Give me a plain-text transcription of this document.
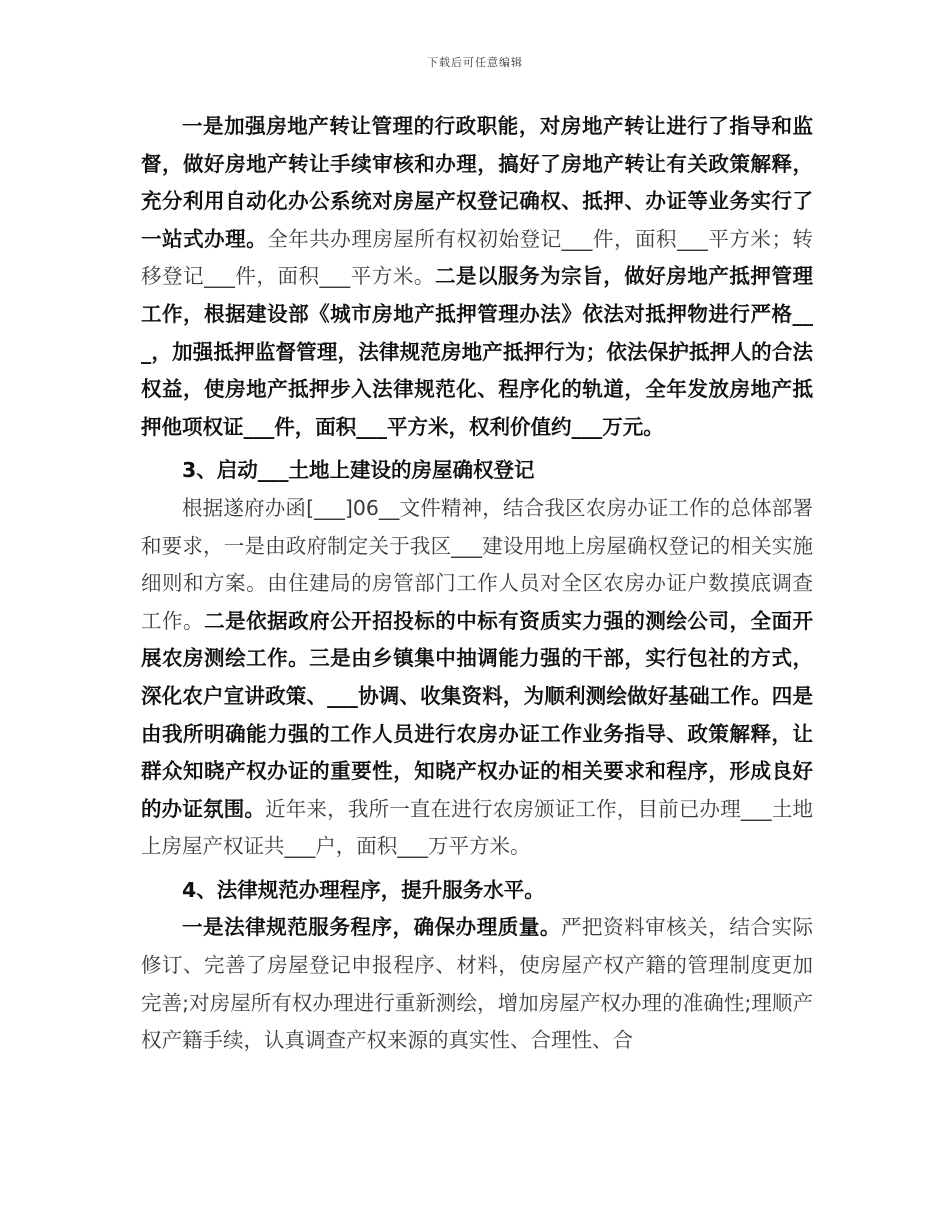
下载后可任意编辑

一是加强房地产转让管理的行政职能，对房地产转让进行了指导和监督，做好房地产转让手续审核和办理，搞好了房地产转让有关政策解释，充分利用自动化办公系统对房屋产权登记确权、抵押、办证等业务实行了一站式办理。全年共办理房屋所有权初始登记___件，面积___平方米；转移登记___件，面积___平方米。二是以服务为宗旨，做好房地产抵押管理工作，根据建设部《城市房地产抵押管理办法》依法对抵押物进行严格___，加强抵押监督管理，法律规范房地产抵押行为；依法保护抵押人的合法权益，使房地产抵押步入法律规范化、程序化的轨道，全年发放房地产抵押他项权证___件，面积___平方米，权利价值约___万元。

3、启动___土地上建设的房屋确权登记

根据遂府办函[___]06__文件精神，结合我区农房办证工作的总体部署和要求，一是由政府制定关于我区___建设用地上房屋确权登记的相关实施细则和方案。由住建局的房管部门工作人员对全区农房办证户数摸底调查工作。二是依据政府公开招投标的中标有资质实力强的测绘公司，全面开展农房测绘工作。三是由乡镇集中抽调能力强的干部，实行包社的方式，深化农户宣讲政策、___协调、收集资料，为顺利测绘做好基础工作。四是由我所明确能力强的工作人员进行农房办证工作业务指导、政策解释，让群众知晓产权办证的重要性，知晓产权办证的相关要求和程序，形成良好的办证氛围。近年来，我所一直在进行农房颁证工作，目前已办理___土地上房屋产权证共___户，面积___万平方米。

4、法律规范办理程序，提升服务水平。

一是法律规范服务程序，确保办理质量。严把资料审核关，结合实际修订、完善了房屋登记申报程序、材料，使房屋产权产籍的管理制度更加完善;对房屋所有权办理进行重新测绘，增加房屋产权办理的准确性;理顺产权产籍手续，认真调查产权来源的真实性、合理性、合
